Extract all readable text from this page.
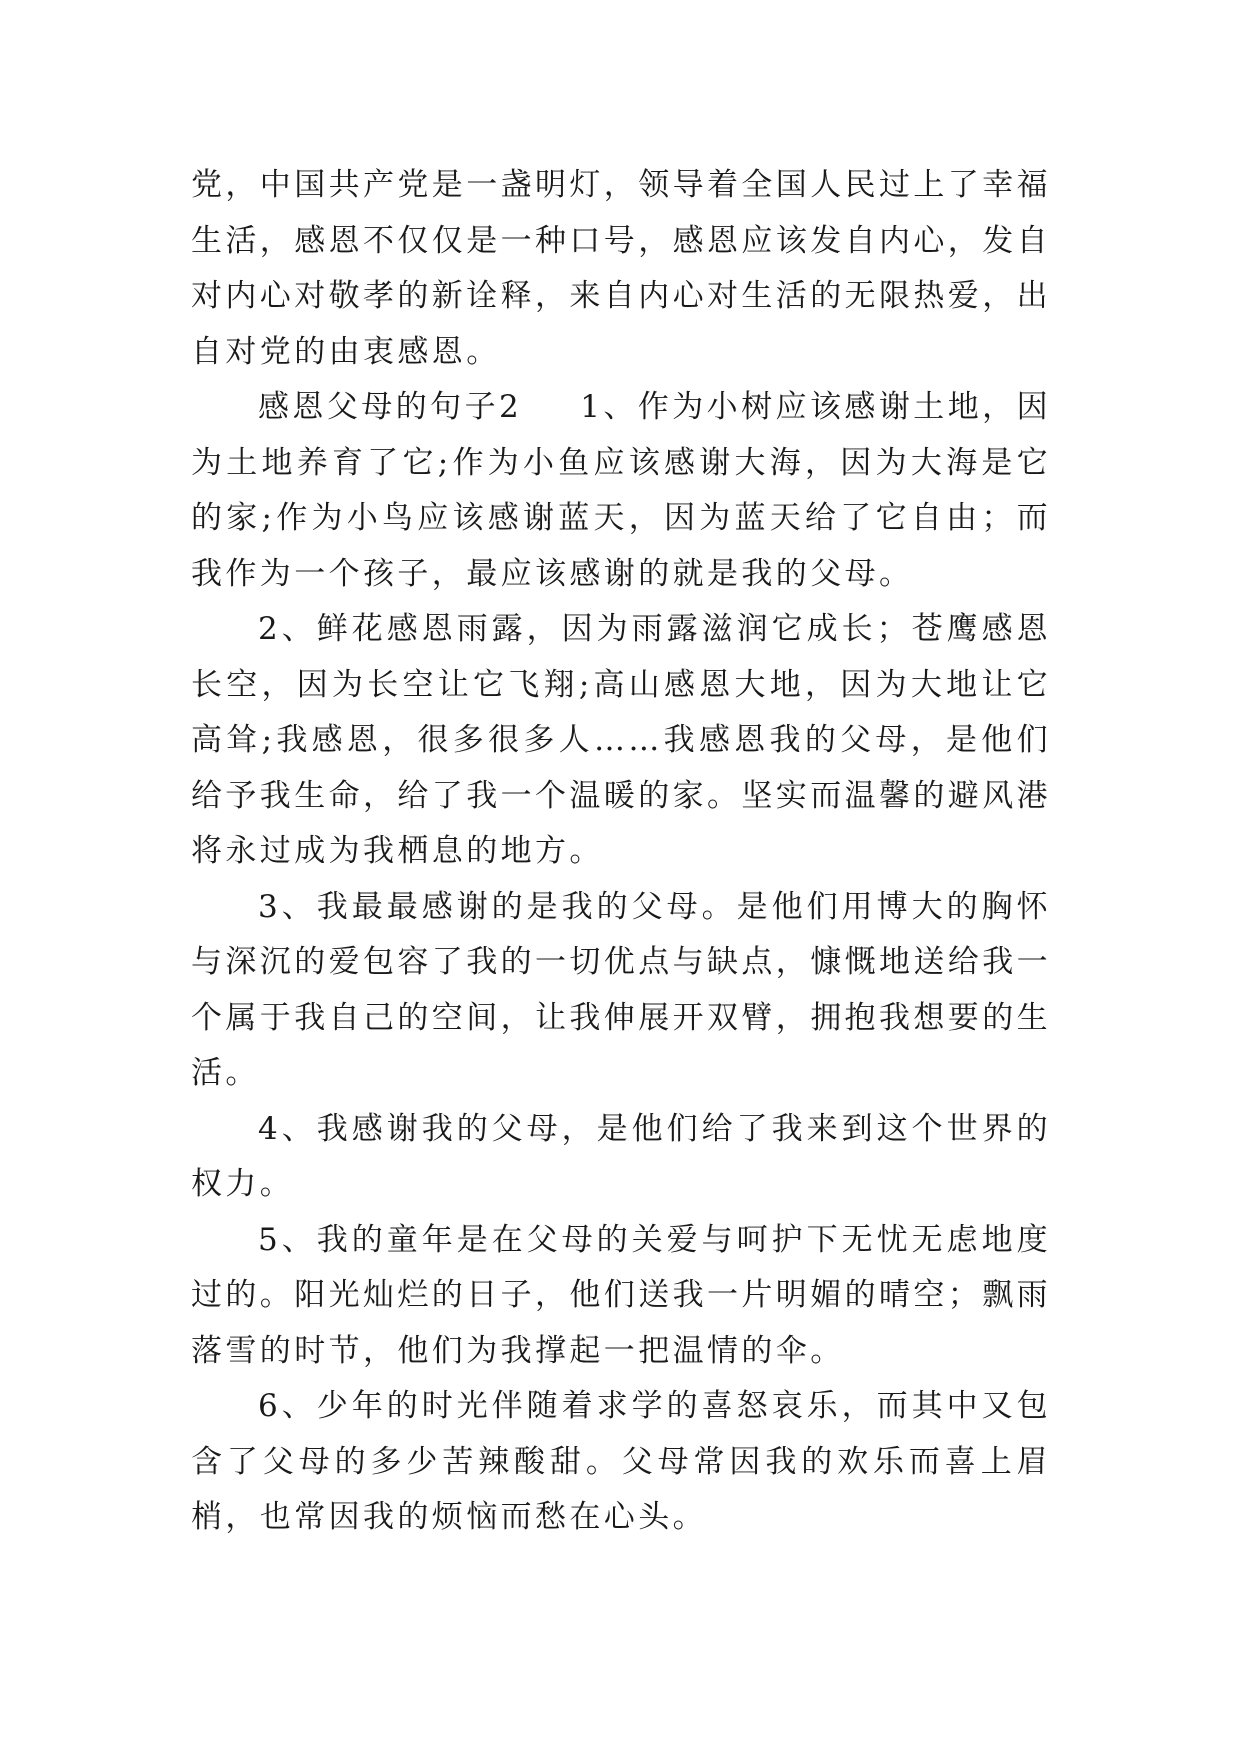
党，中国共产党是一盏明灯，领导着全国人民过上了幸福生活，感恩不仅仅是一种口号，感恩应该发自内心，发自对内心对敬孝的新诠释，来自内心对生活的无限热爱，出自对党的由衷感恩。

感恩父母的句子2 1、作为小树应该感谢土地，因为土地养育了它;作为小鱼应该感谢大海，因为大海是它的家;作为小鸟应该感谢蓝天，因为蓝天给了它自由；而我作为一个孩子，最应该感谢的就是我的父母。

2、鲜花感恩雨露，因为雨露滋润它成长；苍鹰感恩长空，因为长空让它飞翔;高山感恩大地，因为大地让它高耸;我感恩，很多很多人……我感恩我的父母，是他们给予我生命，给了我一个温暖的家。坚实而温馨的避风港将永过成为我栖息的地方。

3、我最最感谢的是我的父母。是他们用博大的胸怀与深沉的爱包容了我的一切优点与缺点，慷慨地送给我一个属于我自己的空间，让我伸展开双臂，拥抱我想要的生活。

4、我感谢我的父母，是他们给了我来到这个世界的权力。

5、我的童年是在父母的关爱与呵护下无忧无虑地度过的。阳光灿烂的日子，他们送我一片明媚的晴空；飘雨落雪的时节，他们为我撑起一把温情的伞。

6、少年的时光伴随着求学的喜怒哀乐，而其中又包含了父母的多少苦辣酸甜。父母常因我的欢乐而喜上眉梢，也常因我的烦恼而愁在心头。
